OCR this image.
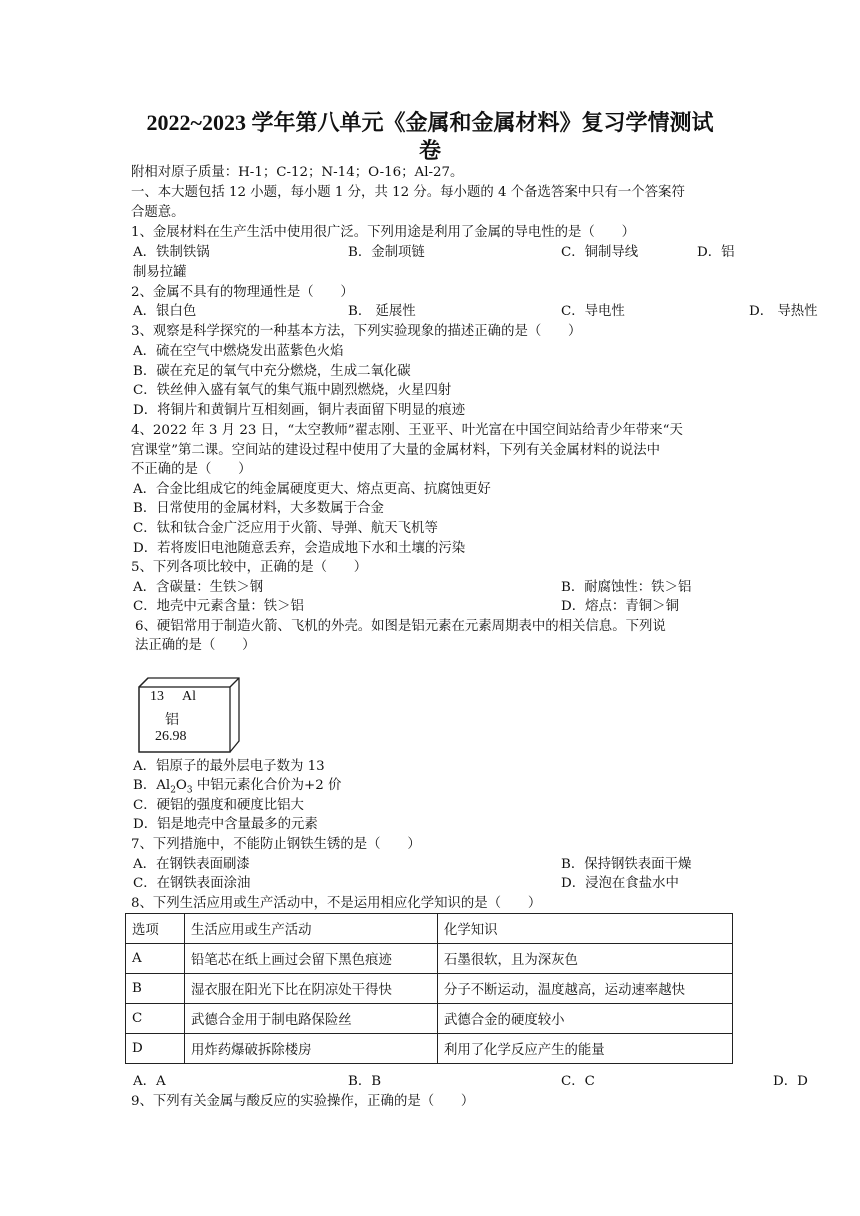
2022~2023 学年第八单元《金属和金属材料》复习学情测试
卷
附相对原子质量：H-1；C-12；N-14；O-16；Al-27。
一、本大题包括 12 小题，每小题 1 分，共 12 分。每小题的 4 个备选答案中只有一个答案符
合题意。
1、金展材料在生产生活中使用很广泛。下列用途是利用了金属的导电性的是（　　）
A．铁制铁锅	B．金制项链	C．铜制导线	D．铝
制易拉罐
2、金属不具有的物理通性是（　　）
A．银白色	B． 延展性	C．导电性	D． 导热性
3、观察是科学探究的一种基本方法，下列实验现象的描述正确的是（　　）
A．硫在空气中燃烧发出蓝紫色火焰
B．碳在充足的氧气中充分燃烧，生成二氧化碳
C．铁丝伸入盛有氧气的集气瓶中剧烈燃烧，火星四射
D．将铜片和黄铜片互相刻画，铜片表面留下明显的痕迹
4、2022 年 3 月 23 日，“太空教师”翟志刚、王亚平、叶光富在中国空间站给青少年带来“天
宫课堂”第二课。空间站的建设过程中使用了大量的金属材料，下列有关金属材料的说法中
不正确的是（　　）
A．合金比组成它的纯金属硬度更大、熔点更高、抗腐蚀更好
B．日常使用的金属材料，大多数属于合金
C．钛和钛合金广泛应用于火箭、导弹、航天飞机等
D．若将废旧电池随意丢弃，会造成地下水和土壤的污染
5、下列各项比较中，正确的是（　　）
A．含碳量：生铁＞钢	B．耐腐蚀性：铁＞铝
C．地壳中元素含量：铁＞铝	D．熔点：青铜＞铜
6、硬铝常用于制造火箭、飞机的外壳。如图是铝元素在元素周期表中的相关信息。下列说
法正确的是（　　）
13 Al
铝
26.98
A．铝原子的最外层电子数为 13
B．$Al_2O_3$ 中铝元素化合价为+2 价
C．硬铝的强度和硬度比铝大
D．铝是地壳中含量最多的元素
7、下列措施中，不能防止钢铁生锈的是（　　）
A．在钢铁表面刷漆	B．保持钢铁表面干燥
C．在钢铁表面涂油	D．浸泡在食盐水中
8、下列生活应用或生产活动中，不是运用相应化学知识的是（　　）
选项	生活应用或生产活动	化学知识
A	铅笔芯在纸上画过会留下黑色痕迹	石墨很软，且为深灰色
B	湿衣服在阳光下比在阴凉处干得快	分子不断运动，温度越高，运动速率越快
C	武德合金用于制电路保险丝	武德合金的硬度较小
D	用炸药爆破拆除楼房	利用了化学反应产生的能量
A．A	B．B	C．C	D．D
9、下列有关金属与酸反应的实验操作，正确的是（　　）
